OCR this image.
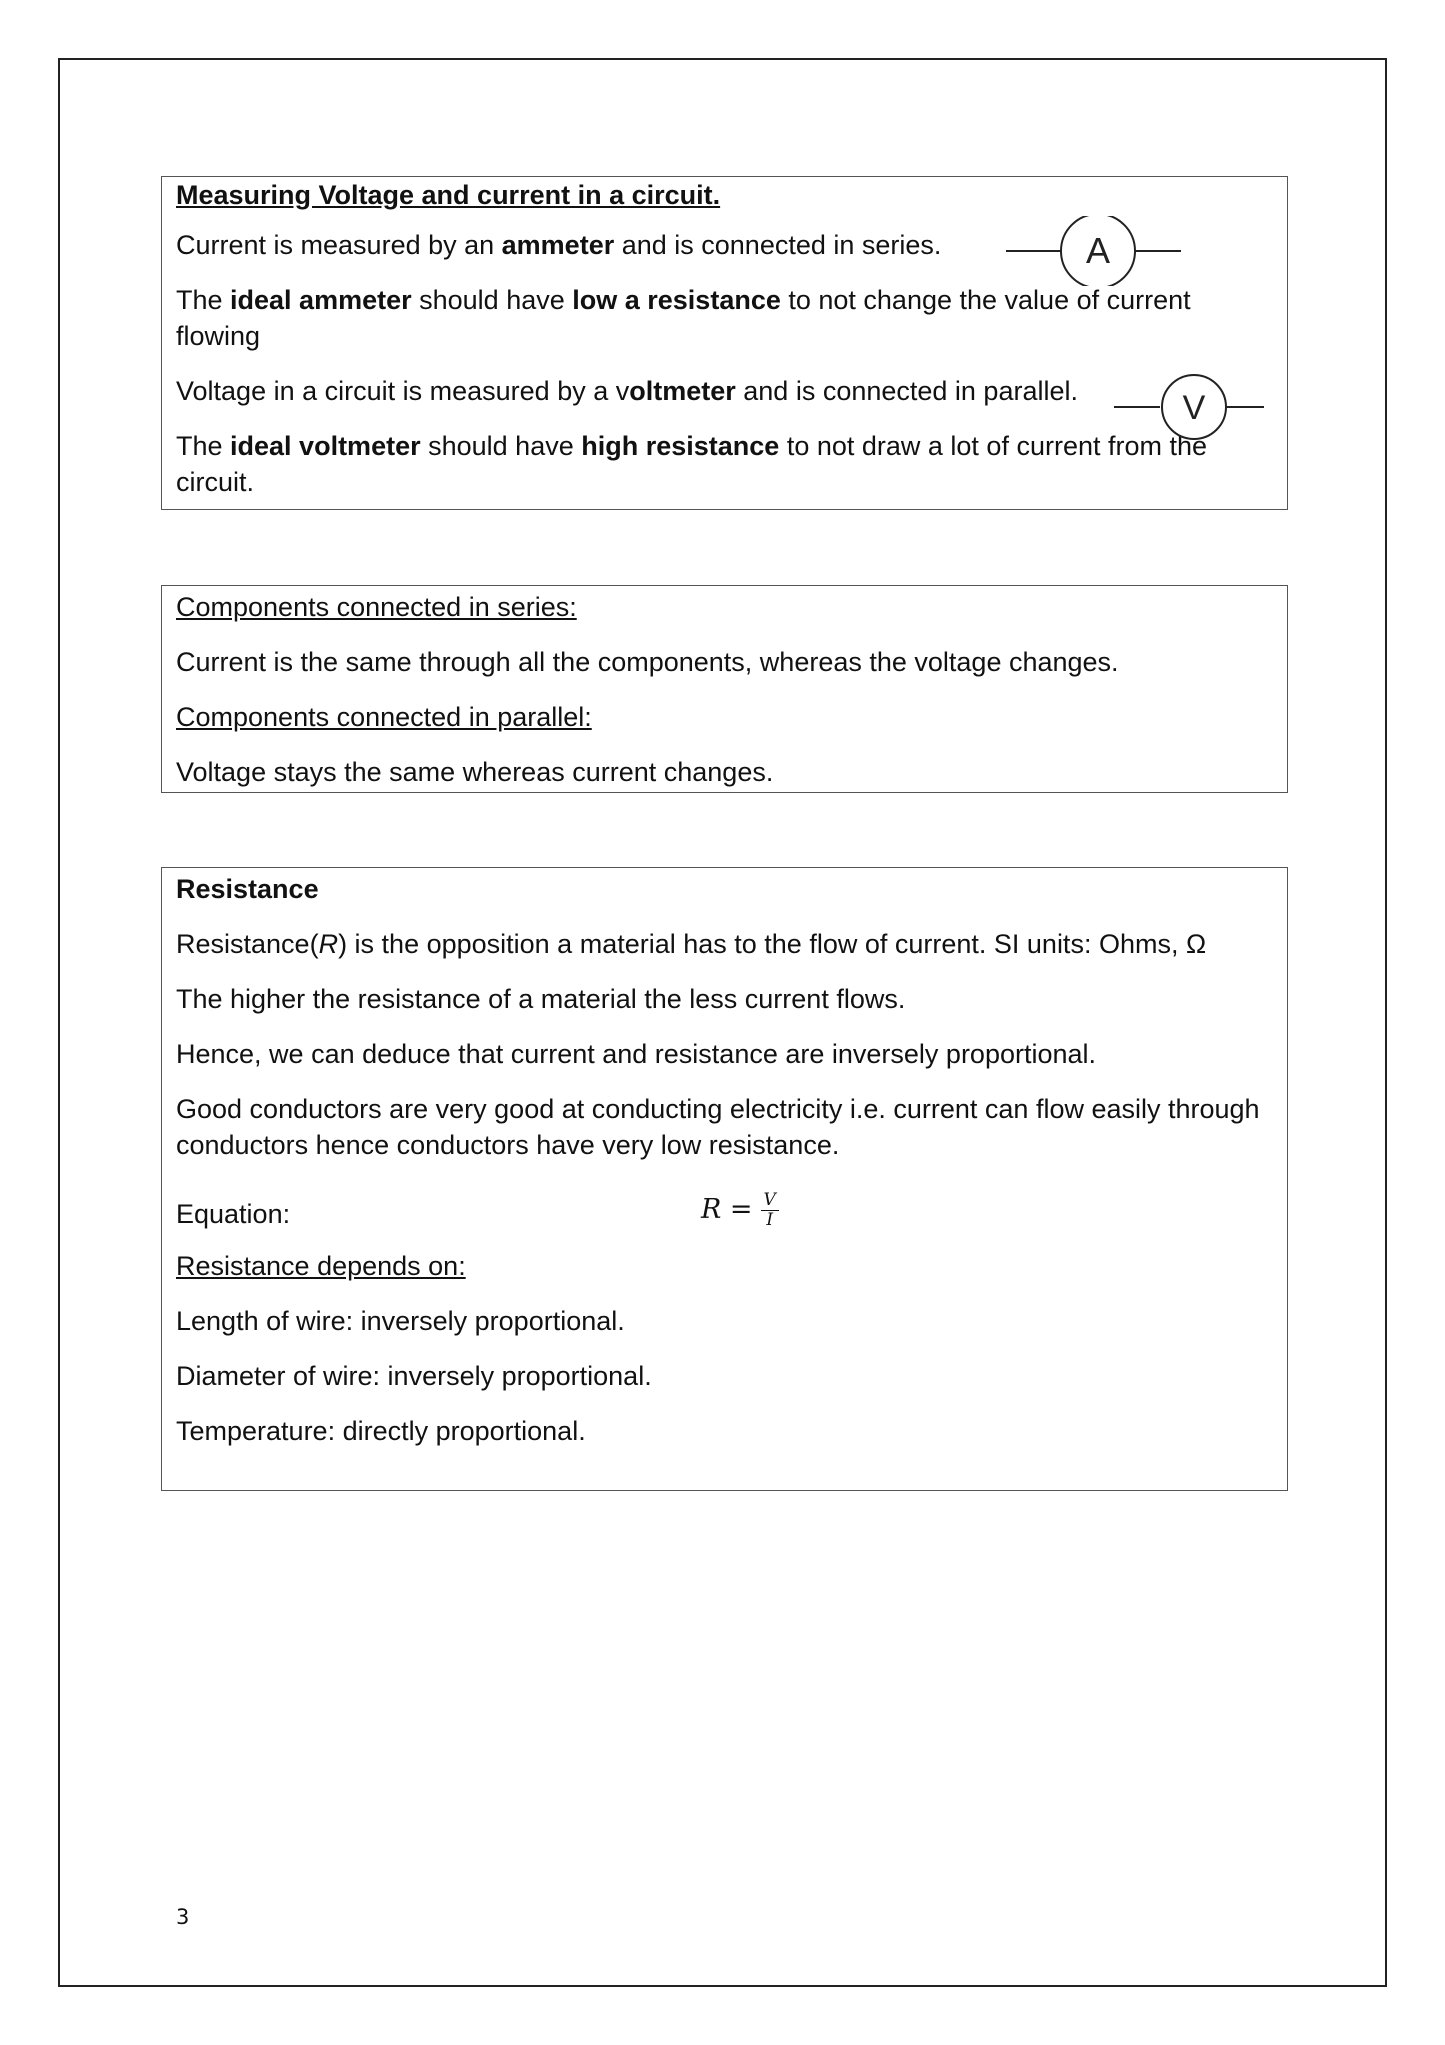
Measuring Voltage and current in a circuit.

Current is measured by an ammeter and is connected in series.

The ideal ammeter should have low a resistance to not change the value of current flowing

Voltage in a circuit is measured by a voltmeter and is connected in parallel.

The ideal voltmeter should have high resistance to not draw a lot of current from the circuit.

A
V

Components connected in series:

Current is the same through all the components, whereas the voltage changes.

Components connected in parallel:

Voltage stays the same whereas current changes.

Resistance

Resistance(R) is the opposition a material has to the flow of current. SI units: Ohms, Ω

The higher the resistance of a material the less current flows.

Hence, we can deduce that current and resistance are inversely proportional.

Good conductors are very good at conducting electricity i.e. current can flow easily through conductors hence conductors have very low resistance.

Equation:	$R = \frac{V}{I}$

Resistance depends on:

Length of wire: inversely proportional.

Diameter of wire: inversely proportional.

Temperature: directly proportional.

3
